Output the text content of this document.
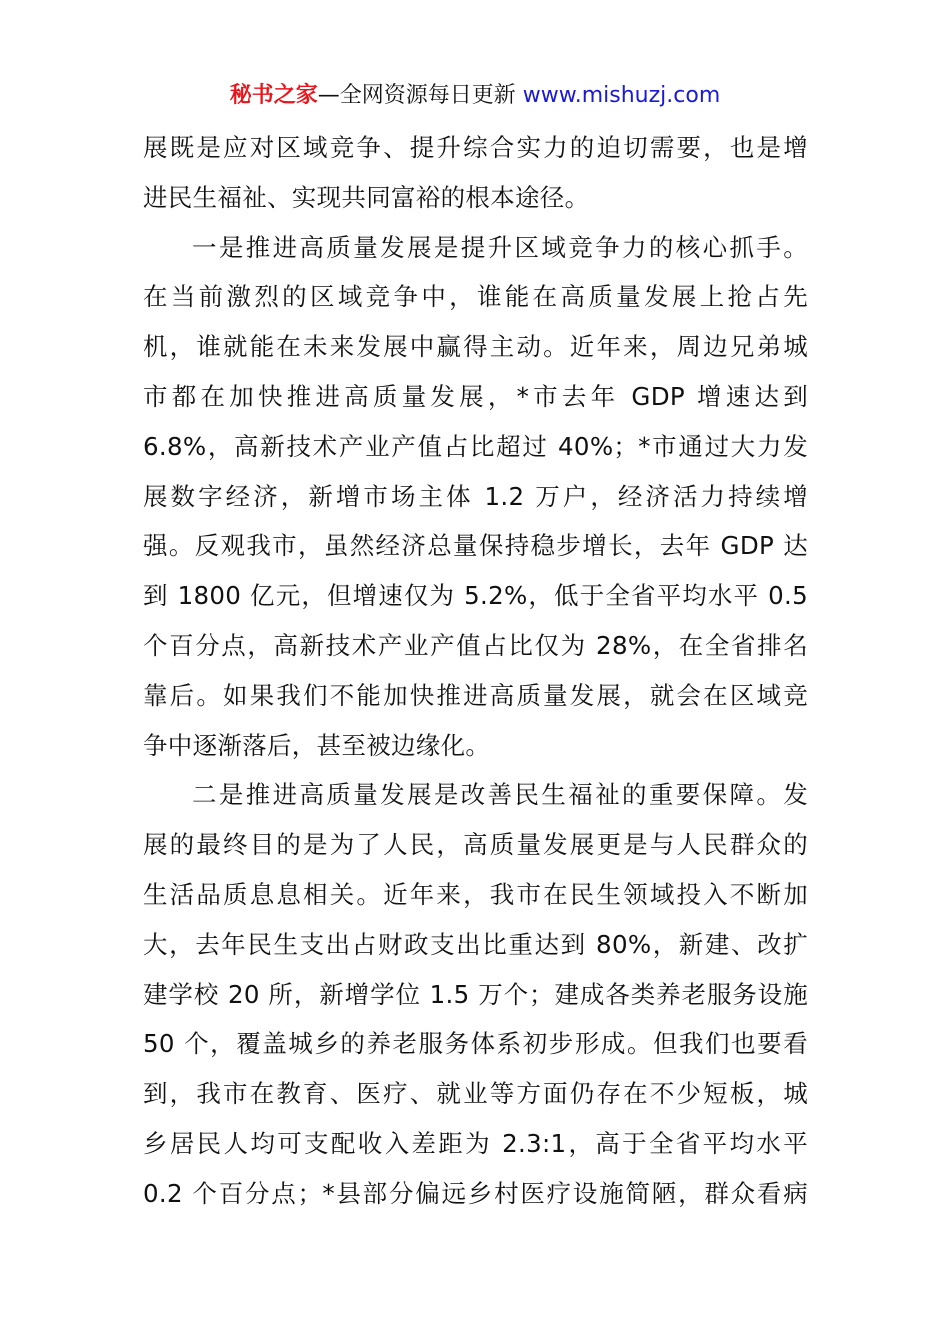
秘书之家—全网资源每日更新 www.mishuzj.com
展既是应对区域竞争、提升综合实力的迫切需要，也是增
进民生福祉、实现共同富裕的根本途径。
一是推进高质量发展是提升区域竞争力的核心抓手。
在当前激烈的区域竞争中，谁能在高质量发展上抢占先
机，谁就能在未来发展中赢得主动。近年来，周边兄弟城
市都在加快推进高质量发展，*市去年 GDP 增速达到
6.8%，高新技术产业产值占比超过 40%；*市通过大力发
展数字经济，新增市场主体 1.2 万户，经济活力持续增
强。反观我市，虽然经济总量保持稳步增长，去年 GDP 达
到 1800 亿元，但增速仅为 5.2%，低于全省平均水平 0.5
个百分点，高新技术产业产值占比仅为 28%，在全省排名
靠后。如果我们不能加快推进高质量发展，就会在区域竞
争中逐渐落后，甚至被边缘化。
二是推进高质量发展是改善民生福祉的重要保障。发
展的最终目的是为了人民，高质量发展更是与人民群众的
生活品质息息相关。近年来，我市在民生领域投入不断加
大，去年民生支出占财政支出比重达到 80%，新建、改扩
建学校 20 所，新增学位 1.5 万个；建成各类养老服务设施
50 个，覆盖城乡的养老服务体系初步形成。但我们也要看
到，我市在教育、医疗、就业等方面仍存在不少短板，城
乡居民人均可支配收入差距为 2.3:1，高于全省平均水平
0.2 个百分点；*县部分偏远乡村医疗设施简陋，群众看病
